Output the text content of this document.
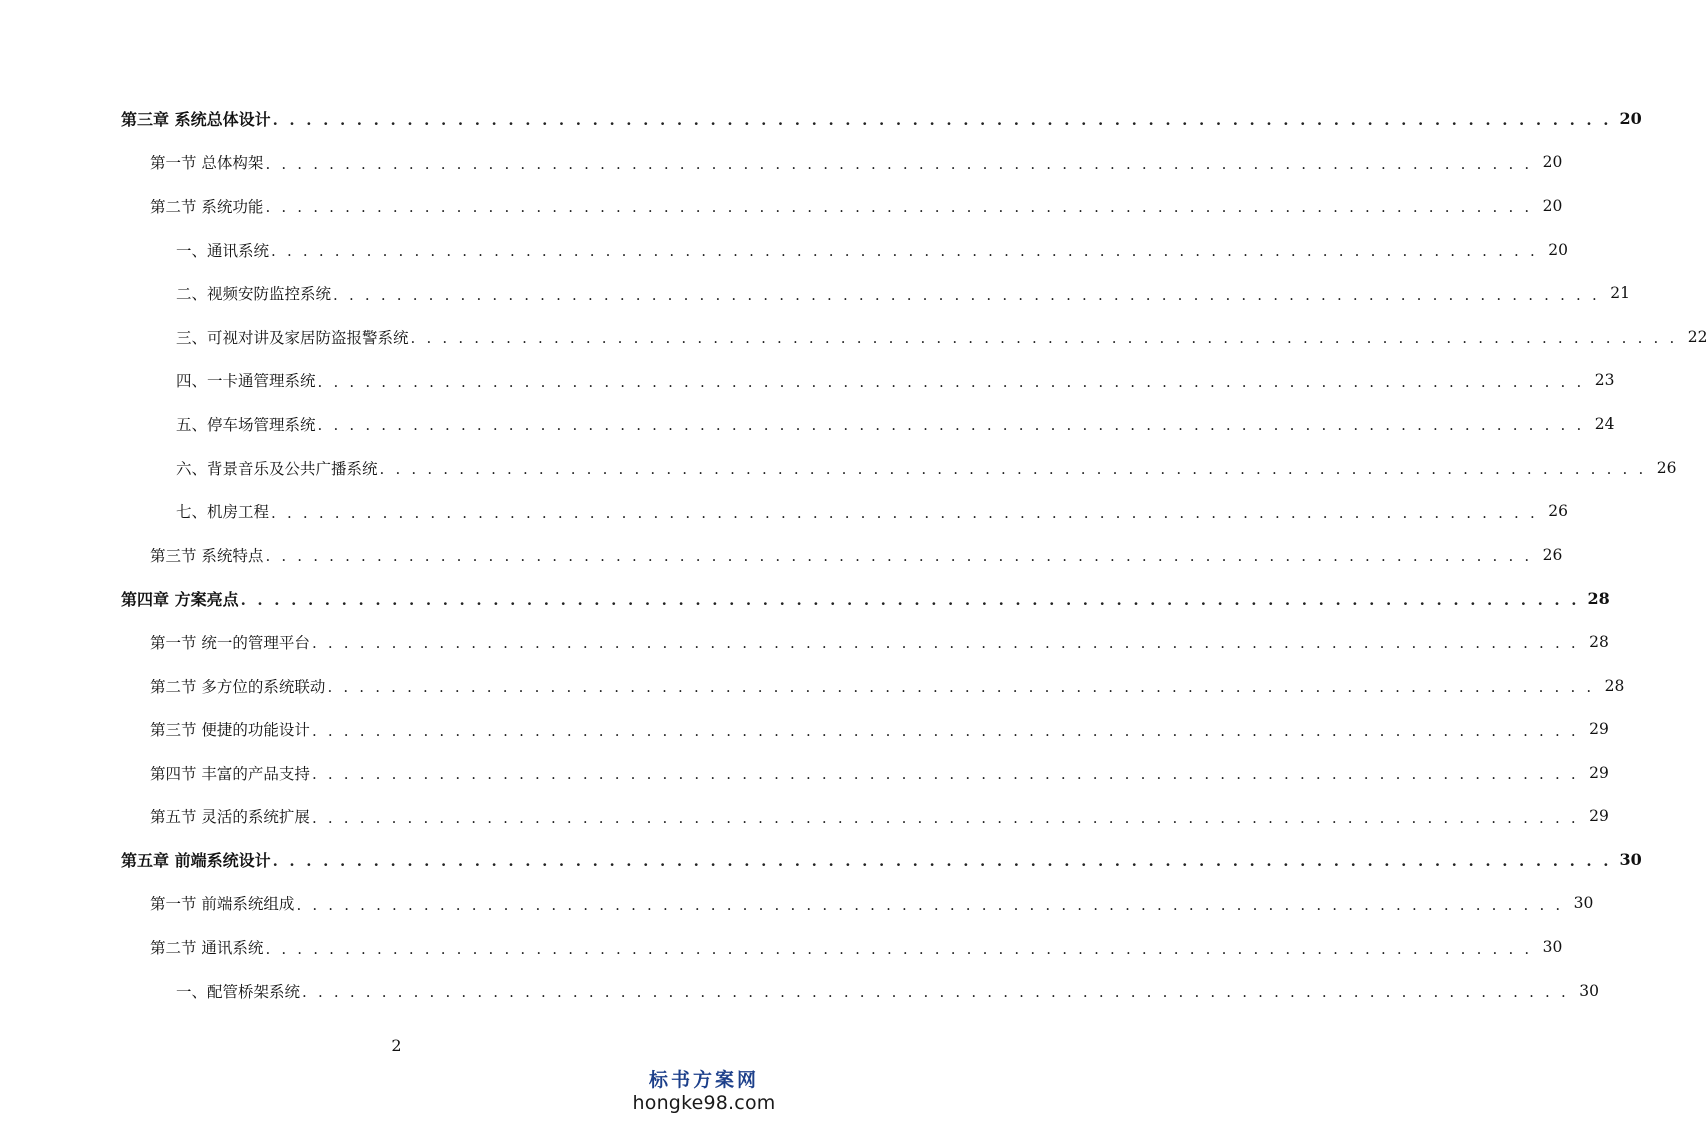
第三章 系统总体设计 . . . . . . . . . . . . . . . . . . . . . . . . . . . . . . . . . . . . . . . . . . . . . . . . . . . . . . . . . . . . . . . . . . . . . . . . . . . . . . . . 20
第一节 总体构架 . . . . . . . . . . . . . . . . . . . . . . . . . . . . . . . . . . . . . . . . . . . . . . . . . . . . . . . . . . . . . . . . . . . . . . . . . . . . . . . . 20
第二节 系统功能 . . . . . . . . . . . . . . . . . . . . . . . . . . . . . . . . . . . . . . . . . . . . . . . . . . . . . . . . . . . . . . . . . . . . . . . . . . . . . . . . 20
一、通讯系统 . . . . . . . . . . . . . . . . . . . . . . . . . . . . . . . . . . . . . . . . . . . . . . . . . . . . . . . . . . . . . . . . . . . . . . . . . . . . . . . . 20
二、视频安防监控系统 . . . . . . . . . . . . . . . . . . . . . . . . . . . . . . . . . . . . . . . . . . . . . . . . . . . . . . . . . . . . . . . . . . . . . . . . . . . . . . . . 21
三、可视对讲及家居防盗报警系统 . . . . . . . . . . . . . . . . . . . . . . . . . . . . . . . . . . . . . . . . . . . . . . . . . . . . . . . . . . . . . . . . . . . . . . . . . . . . . . . . 22
四、一卡通管理系统 . . . . . . . . . . . . . . . . . . . . . . . . . . . . . . . . . . . . . . . . . . . . . . . . . . . . . . . . . . . . . . . . . . . . . . . . . . . . . . . . 23
五、停车场管理系统 . . . . . . . . . . . . . . . . . . . . . . . . . . . . . . . . . . . . . . . . . . . . . . . . . . . . . . . . . . . . . . . . . . . . . . . . . . . . . . . . 24
六、背景音乐及公共广播系统 . . . . . . . . . . . . . . . . . . . . . . . . . . . . . . . . . . . . . . . . . . . . . . . . . . . . . . . . . . . . . . . . . . . . . . . . . . . . . . . . 26
七、机房工程 . . . . . . . . . . . . . . . . . . . . . . . . . . . . . . . . . . . . . . . . . . . . . . . . . . . . . . . . . . . . . . . . . . . . . . . . . . . . . . . . 26
第三节 系统特点 . . . . . . . . . . . . . . . . . . . . . . . . . . . . . . . . . . . . . . . . . . . . . . . . . . . . . . . . . . . . . . . . . . . . . . . . . . . . . . . . 26
第四章 方案亮点 . . . . . . . . . . . . . . . . . . . . . . . . . . . . . . . . . . . . . . . . . . . . . . . . . . . . . . . . . . . . . . . . . . . . . . . . . . . . . . . . 28
第一节 统一的管理平台 . . . . . . . . . . . . . . . . . . . . . . . . . . . . . . . . . . . . . . . . . . . . . . . . . . . . . . . . . . . . . . . . . . . . . . . . . . . . . . . . 28
第二节 多方位的系统联动 . . . . . . . . . . . . . . . . . . . . . . . . . . . . . . . . . . . . . . . . . . . . . . . . . . . . . . . . . . . . . . . . . . . . . . . . . . . . . . . . 28
第三节 便捷的功能设计 . . . . . . . . . . . . . . . . . . . . . . . . . . . . . . . . . . . . . . . . . . . . . . . . . . . . . . . . . . . . . . . . . . . . . . . . . . . . . . . . 29
第四节 丰富的产品支持 . . . . . . . . . . . . . . . . . . . . . . . . . . . . . . . . . . . . . . . . . . . . . . . . . . . . . . . . . . . . . . . . . . . . . . . . . . . . . . . . 29
第五节 灵活的系统扩展 . . . . . . . . . . . . . . . . . . . . . . . . . . . . . . . . . . . . . . . . . . . . . . . . . . . . . . . . . . . . . . . . . . . . . . . . . . . . . . . . 29
第五章 前端系统设计 . . . . . . . . . . . . . . . . . . . . . . . . . . . . . . . . . . . . . . . . . . . . . . . . . . . . . . . . . . . . . . . . . . . . . . . . . . . . . . . . 30
第一节 前端系统组成 . . . . . . . . . . . . . . . . . . . . . . . . . . . . . . . . . . . . . . . . . . . . . . . . . . . . . . . . . . . . . . . . . . . . . . . . . . . . . . . . 30
第二节 通讯系统 . . . . . . . . . . . . . . . . . . . . . . . . . . . . . . . . . . . . . . . . . . . . . . . . . . . . . . . . . . . . . . . . . . . . . . . . . . . . . . . . 30
一、配管桥架系统 . . . . . . . . . . . . . . . . . . . . . . . . . . . . . . . . . . . . . . . . . . . . . . . . . . . . . . . . . . . . . . . . . . . . . . . . . . . . . . . . 30
2
标书方案网
hongke98.com
